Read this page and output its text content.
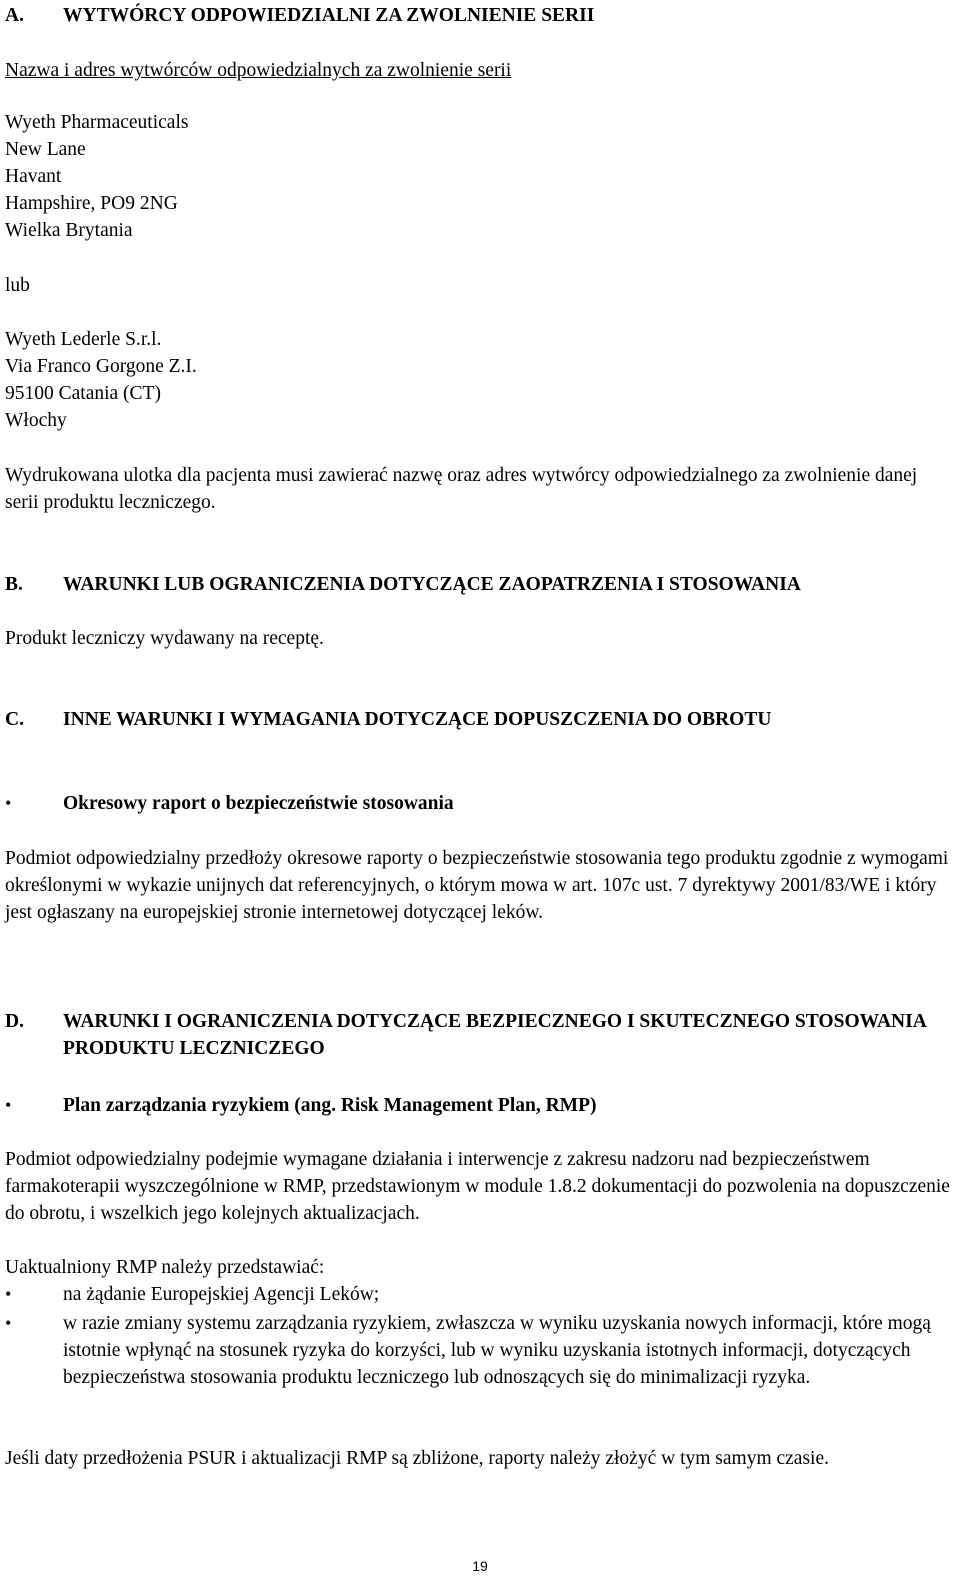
A. WYTWÓRCY ODPOWIEDZIALNI ZA ZWOLNIENIE SERII
Nazwa i adres wytwórców odpowiedzialnych za zwolnienie serii
Wyeth Pharmaceuticals
New Lane
Havant
Hampshire, PO9 2NG
Wielka Brytania
lub
Wyeth Lederle S.r.l.
Via Franco Gorgone Z.I.
95100 Catania (CT)
Włochy
Wydrukowana ulotka dla pacjenta musi zawierać nazwę oraz adres wytwórcy odpowiedzialnego za zwolnienie danej serii produktu leczniczego.
B. WARUNKI LUB OGRANICZENIA DOTYCZĄCE ZAOPATRZENIA I STOSOWANIA
Produkt leczniczy wydawany na receptę.
C. INNE WARUNKI I WYMAGANIA DOTYCZĄCE DOPUSZCZENIA DO OBROTU
•	Okresowy raport o bezpieczeństwie stosowania
Podmiot odpowiedzialny przedłoży okresowe raporty o bezpieczeństwie stosowania tego produktu zgodnie z wymogami określonymi w wykazie unijnych dat referencyjnych, o którym mowa w art. 107c ust. 7 dyrektywy 2001/83/WE i który jest ogłaszany na europejskiej stronie internetowej dotyczącej leków.
D. WARUNKI I OGRANICZENIA DOTYCZĄCE BEZPIECZNEGO I SKUTECZNEGO STOSOWANIA PRODUKTU LECZNICZEGO
•	Plan zarządzania ryzykiem (ang. Risk Management Plan, RMP)
Podmiot odpowiedzialny podejmie wymagane działania i interwencje z zakresu nadzoru nad bezpieczeństwem farmakoterapii wyszczególnione w RMP, przedstawionym w module 1.8.2 dokumentacji do pozwolenia na dopuszczenie do obrotu, i wszelkich jego kolejnych aktualizacjach.
Uaktualniony RMP należy przedstawiać:
•	na żądanie Europejskiej Agencji Leków;
•	w razie zmiany systemu zarządzania ryzykiem, zwłaszcza w wyniku uzyskania nowych informacji, które mogą istotnie wpłynąć na stosunek ryzyka do korzyści, lub w wyniku uzyskania istotnych informacji, dotyczących bezpieczeństwa stosowania produktu leczniczego lub odnoszących się do minimalizacji ryzyka.
Jeśli daty przedłożenia PSUR i aktualizacji RMP są zbliżone, raporty należy złożyć w tym samym czasie.
19
